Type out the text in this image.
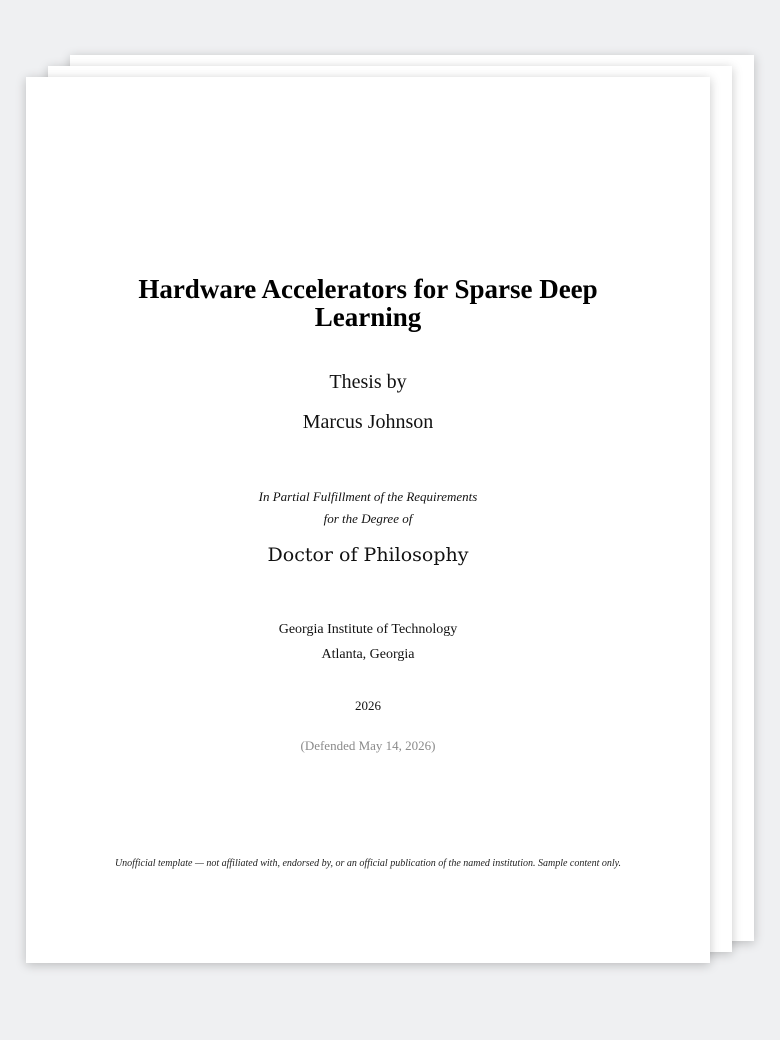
Hardware Accelerators for Sparse Deep Learning
Thesis by
Marcus Johnson
In Partial Fulfillment of the Requirements
for the Degree of
Doctor of Philosophy
Georgia Institute of Technology
Atlanta, Georgia
2026
(Defended May 14, 2026)
Unofficial template — not affiliated with, endorsed by, or an official publication of the named institution. Sample content only.
